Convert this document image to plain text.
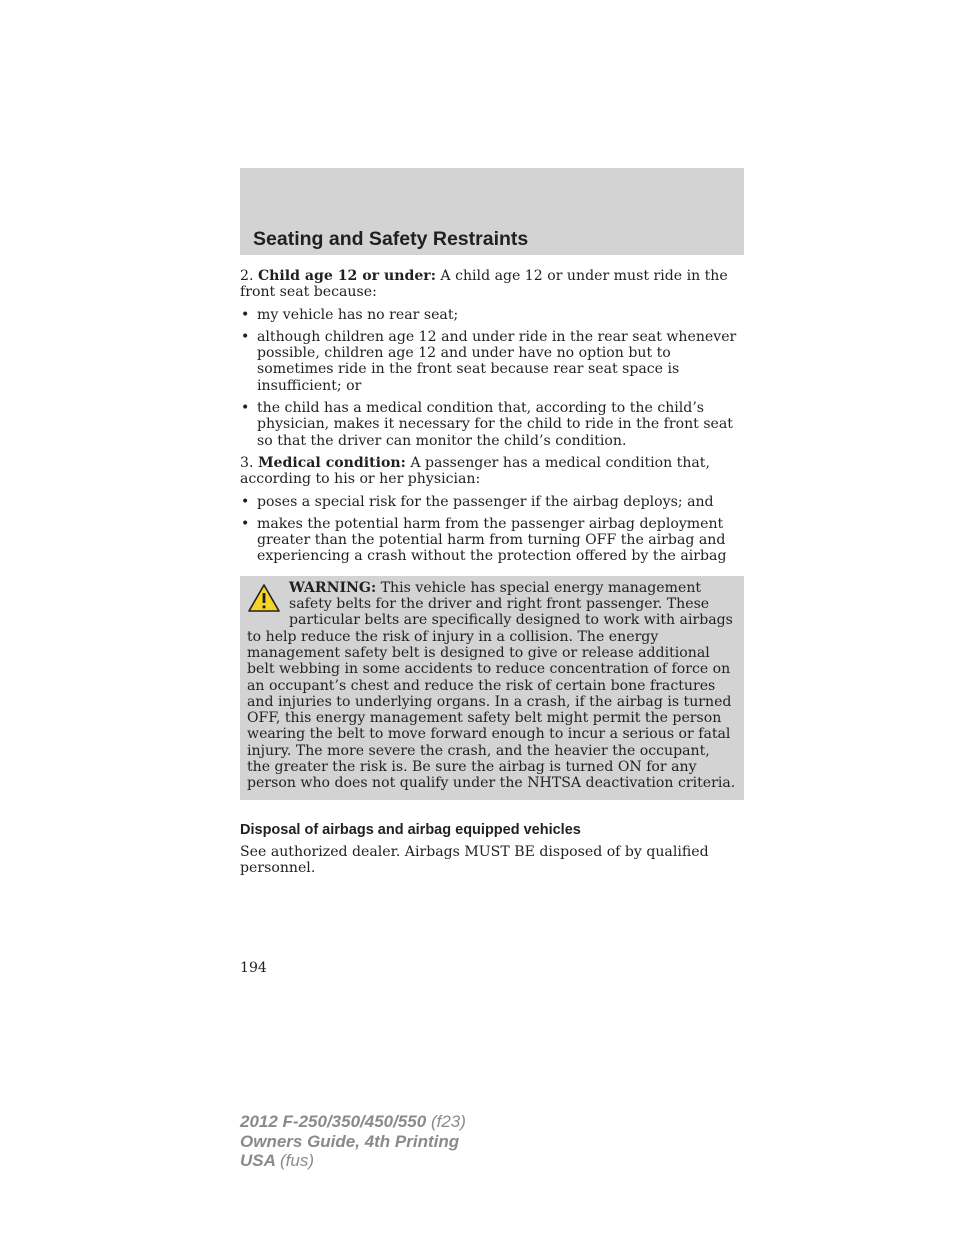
Seating and Safety Restraints

2. Child age 12 or under: A child age 12 or under must ride in the front seat because:

• my vehicle has no rear seat;
• although children age 12 and under ride in the rear seat whenever possible, children age 12 and under have no option but to sometimes ride in the front seat because rear seat space is insufficient; or
• the child has a medical condition that, according to the child’s physician, makes it necessary for the child to ride in the front seat so that the driver can monitor the child’s condition.

3. Medical condition: A passenger has a medical condition that, according to his or her physician:

• poses a special risk for the passenger if the airbag deploys; and
• makes the potential harm from the passenger airbag deployment greater than the potential harm from turning OFF the airbag and experiencing a crash without the protection offered by the airbag

WARNING: This vehicle has special energy management safety belts for the driver and right front passenger. These particular belts are specifically designed to work with airbags to help reduce the risk of injury in a collision. The energy management safety belt is designed to give or release additional belt webbing in some accidents to reduce concentration of force on an occupant’s chest and reduce the risk of certain bone fractures and injuries to underlying organs. In a crash, if the airbag is turned OFF, this energy management safety belt might permit the person wearing the belt to move forward enough to incur a serious or fatal injury. The more severe the crash, and the heavier the occupant, the greater the risk is. Be sure the airbag is turned ON for any person who does not qualify under the NHTSA deactivation criteria.

Disposal of airbags and airbag equipped vehicles

See authorized dealer. Airbags MUST BE disposed of by qualified personnel.

194
2012 F-250/350/450/550 (f23)
Owners Guide, 4th Printing
USA (fus)
